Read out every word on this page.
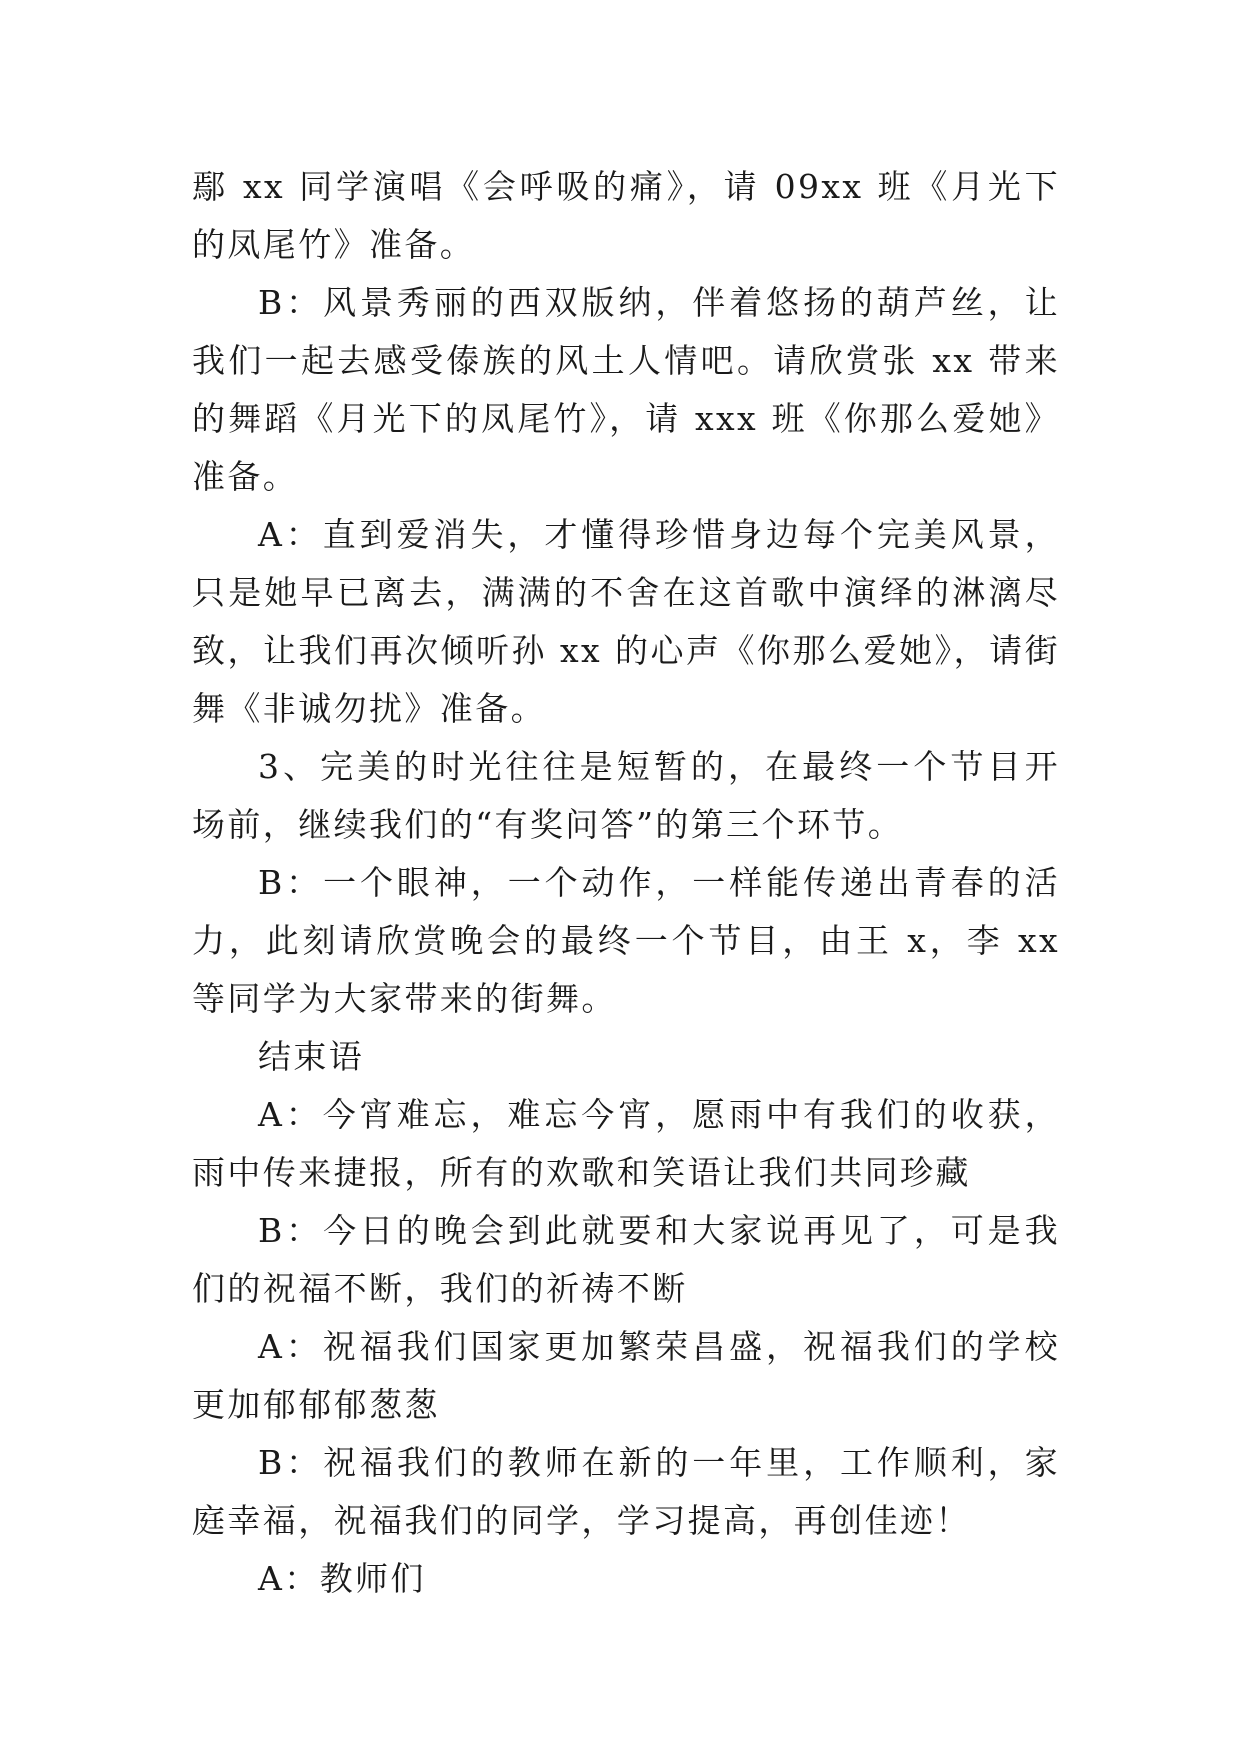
鄢 xx 同学演唱《会呼吸的痛》，请 09xx 班《月光下的凤尾竹》准备。

B：风景秀丽的西双版纳，伴着悠扬的葫芦丝，让我们一起去感受傣族的风土人情吧。请欣赏张 xx 带来的舞蹈《月光下的凤尾竹》，请 xxx 班《你那么爱她》准备。

A：直到爱消失，才懂得珍惜身边每个完美风景，只是她早已离去，满满的不舍在这首歌中演绎的淋漓尽致，让我们再次倾听孙 xx 的心声《你那么爱她》，请街舞《非诚勿扰》准备。

3、完美的时光往往是短暂的，在最终一个节目开场前，继续我们的“有奖问答”的第三个环节。

B：一个眼神，一个动作，一样能传递出青春的活力，此刻请欣赏晚会的最终一个节目，由王 x，李 xx 等同学为大家带来的街舞。

结束语

A：今宵难忘，难忘今宵，愿雨中有我们的收获，雨中传来捷报，所有的欢歌和笑语让我们共同珍藏

B：今日的晚会到此就要和大家说再见了，可是我们的祝福不断，我们的祈祷不断

A：祝福我们国家更加繁荣昌盛，祝福我们的学校更加郁郁郁葱葱

B：祝福我们的教师在新的一年里，工作顺利，家庭幸福，祝福我们的同学，学习提高，再创佳迹！

A：教师们
